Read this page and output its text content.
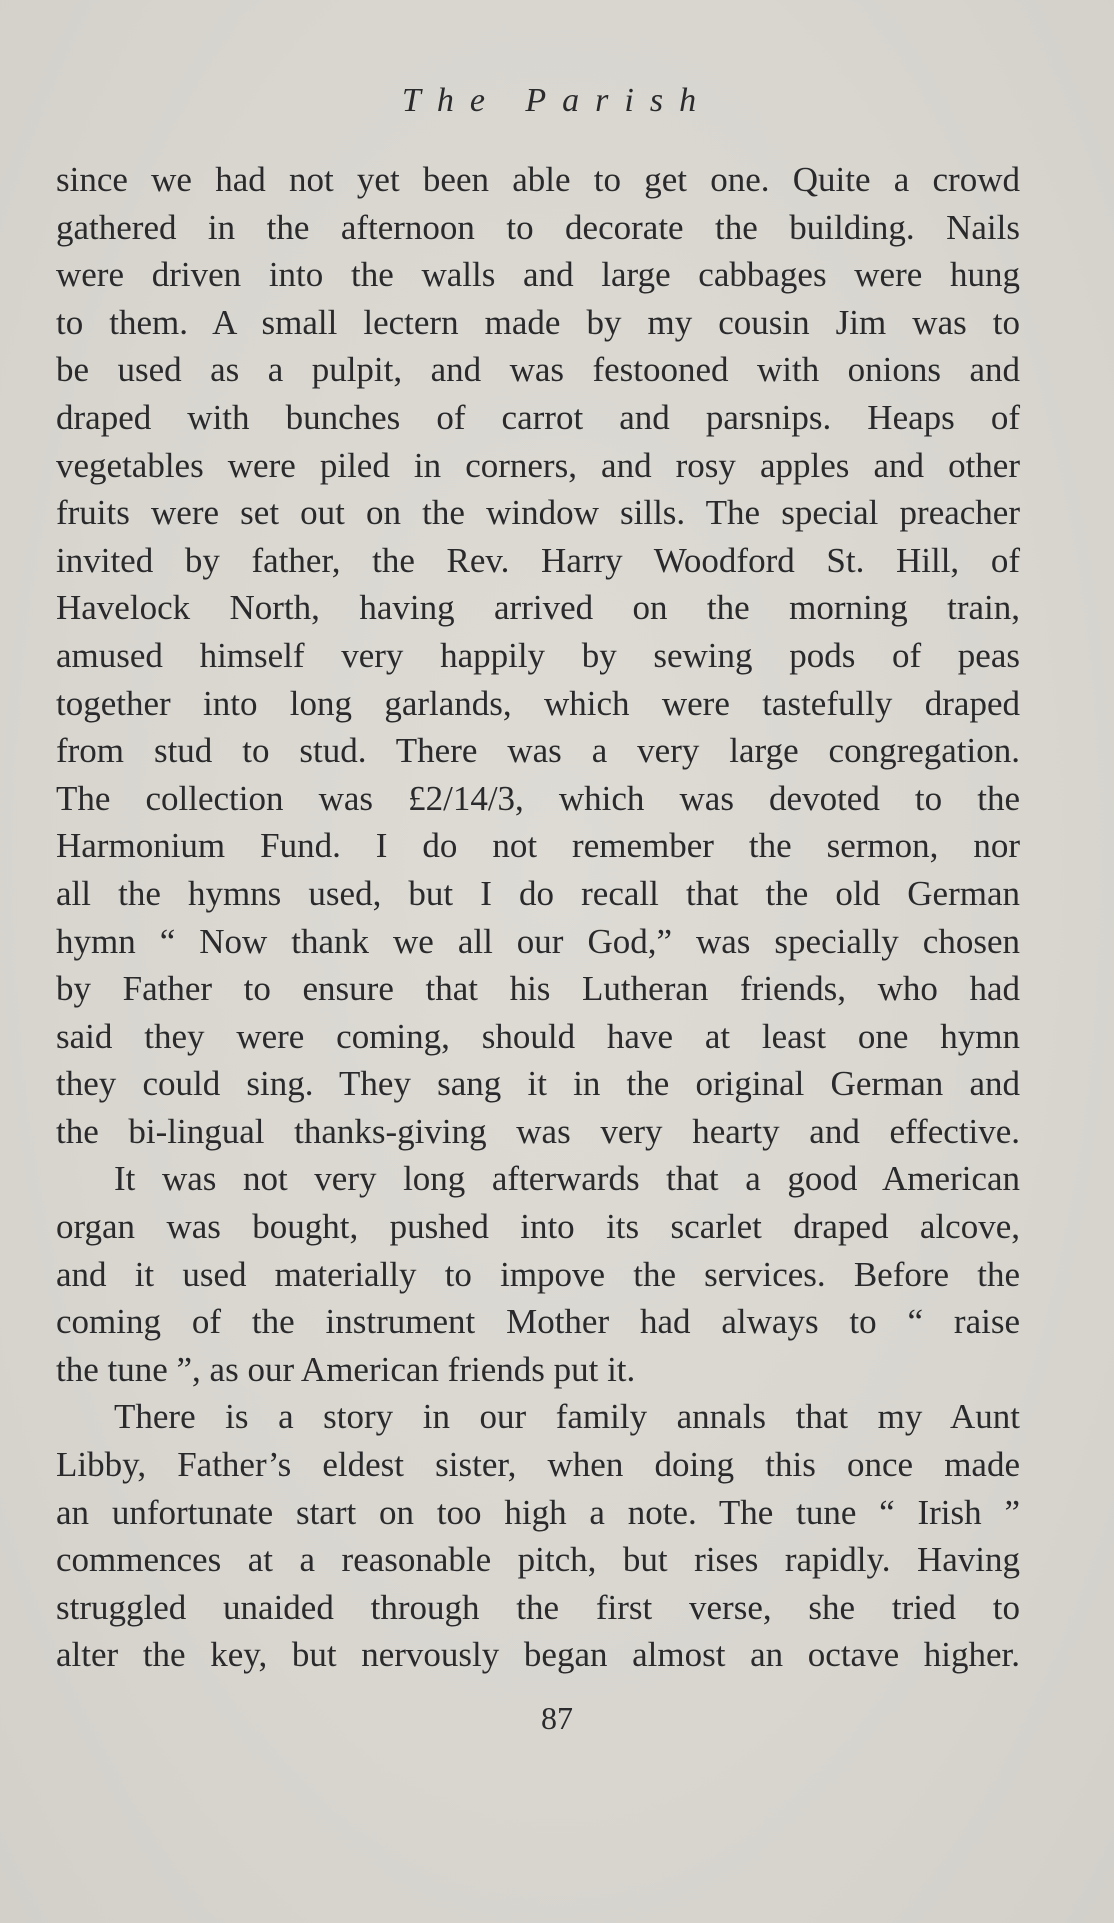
The Parish
since we had not yet been able to get one. Quite a crowd
gathered in the afternoon to decorate the building. Nails
were driven into the walls and large cabbages were hung
to them. A small lectern made by my cousin Jim was to
be used as a pulpit, and was festooned with onions and
draped with bunches of carrot and parsnips. Heaps of
vegetables were piled in corners, and rosy apples and other
fruits were set out on the window sills. The special preacher
invited by father, the Rev. Harry Woodford St. Hill, of
Havelock North, having arrived on the morning train,
amused himself very happily by sewing pods of peas
together into long garlands, which were tastefully draped
from stud to stud. There was a very large congregation.
The collection was £2/14/3, which was devoted to the
Harmonium Fund. I do not remember the sermon, nor
all the hymns used, but I do recall that the old German
hymn “ Now thank we all our God,” was specially chosen
by Father to ensure that his Lutheran friends, who had
said they were coming, should have at least one hymn
they could sing. They sang it in the original German and
the bi-lingual thanks-giving was very hearty and effective.
It was not very long afterwards that a good American
organ was bought, pushed into its scarlet draped alcove,
and it used materially to impove the services. Before the
coming of the instrument Mother had always to “ raise
the tune ”, as our American friends put it.
There is a story in our family annals that my Aunt
Libby, Father’s eldest sister, when doing this once made
an unfortunate start on too high a note. The tune “ Irish ”
commences at a reasonable pitch, but rises rapidly. Having
struggled unaided through the first verse, she tried to
alter the key, but nervously began almost an octave higher.
87
